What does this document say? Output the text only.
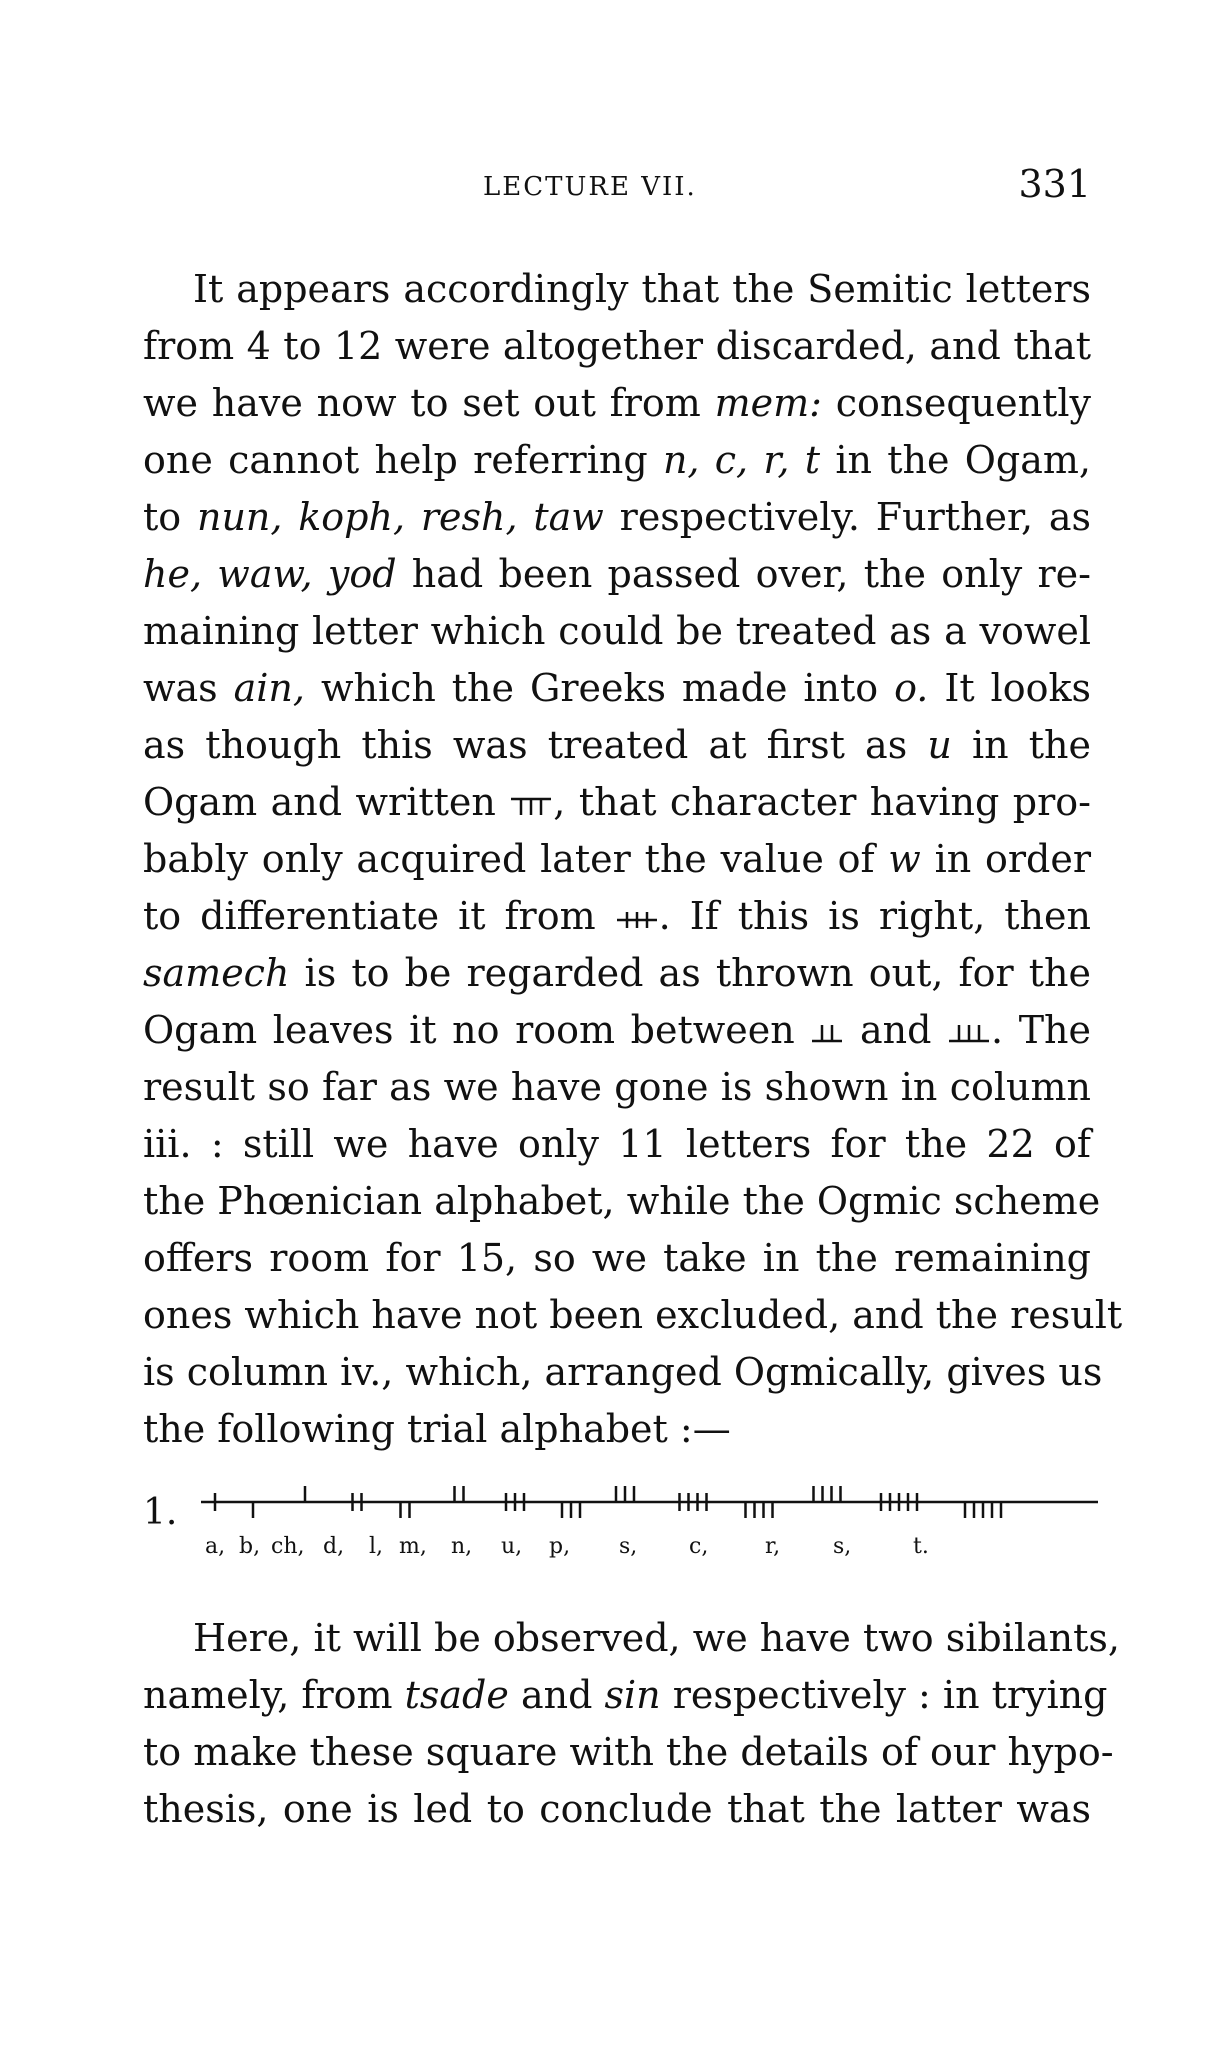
LECTURE VII.	331
It appears accordingly that the Semitic letters
from 4 to 12 were altogether discarded, and that
we have now to set out from mem: consequently
one cannot help referring n, c, r, t in the Ogam,
to nun, koph, resh, taw respectively. Further, as
he, waw, yod had been passed over, the only re-
maining letter which could be treated as a vowel
was ain, which the Greeks made into o. It looks
as though this was treated at first as u in the
Ogam and written , that character having pro-
bably only acquired later the value of w in order
to differentiate it from . If this is right, then
samech is to be regarded as thrown out, for the
Ogam leaves it no room between  and . The
result so far as we have gone is shown in column
iii. : still we have only 11 letters for the 22 of
the Phœnician alphabet, while the Ogmic scheme
offers room for 15, so we take in the remaining
ones which have not been excluded, and the result
is column iv., which, arranged Ogmically, gives us
the following trial alphabet :—
1.
a, b, ch, d, l, m, n, u, p, s, c,	r, s,	t.
Here, it will be observed, we have two sibilants,
namely, from tsade and sin respectively : in trying
to make these square with the details of our hypo-
thesis, one is led to conclude that the latter was
